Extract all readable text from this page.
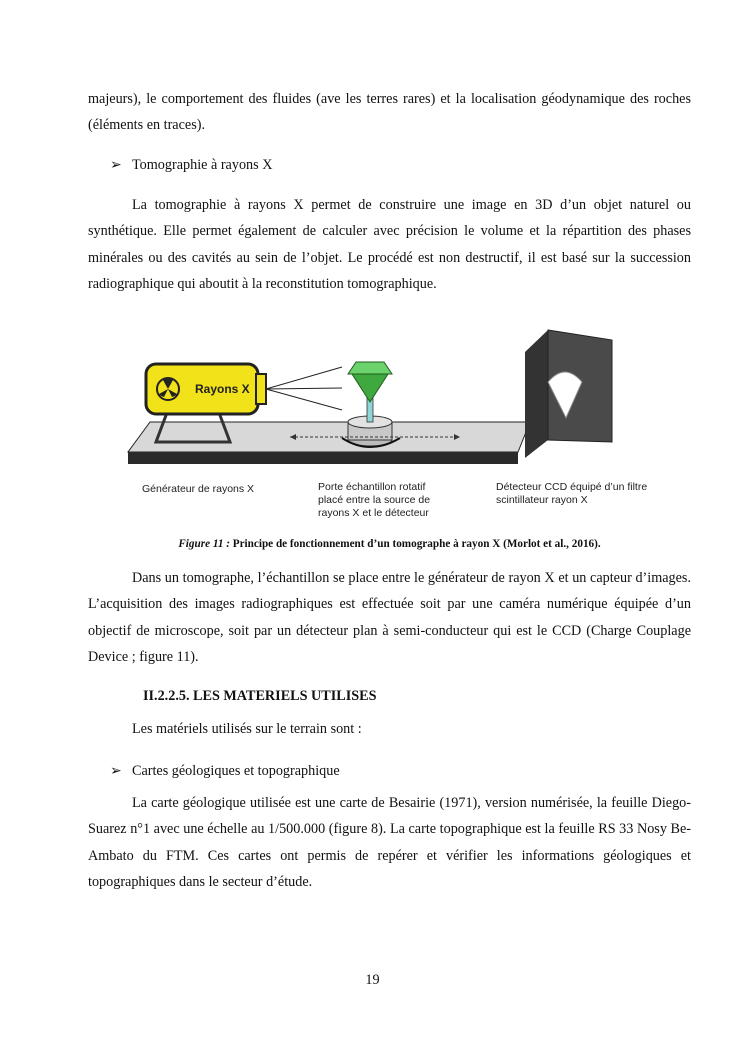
majeurs), le comportement des fluides (ave les terres rares) et la localisation géodynamique des roches (éléments en traces).

➢ Tomographie à rayons X

La tomographie à rayons X permet de construire une image en 3D d’un objet naturel ou synthétique. Elle permet également de calculer avec précision le volume et la répartition des phases minérales ou des cavités au sein de l’objet. Le procédé est non destructif, il est basé sur la succession radiographique qui aboutit à la reconstitution tomographique.

Rayons X
Générateur de rayons X	Porte échantillon rotatif
placé entre la source de
rayons X et le détecteur
Détecteur CCD équipé d’un filtre
scintillateur rayon X
Figure 11 : Principe de fonctionnement d’un tomographe à rayon X (Morlot et al., 2016).

Dans un tomographe, l’échantillon se place entre le générateur de rayon X et un capteur d’images. L’acquisition des images radiographiques est effectuée soit par une caméra numérique équipée d’un objectif de microscope, soit par un détecteur plan à semi-conducteur qui est le CCD (Charge Couplage Device ; figure 11).

II.2.2.5. LES MATERIELS UTILISES
Les matériels utilisés sur le terrain sont :
➢ Cartes géologiques et topographique

La carte géologique utilisée est une carte de Besairie (1971), version numérisée, la feuille Diego-Suarez n°1 avec une échelle au 1/500.000 (figure 8). La carte topographique est la feuille RS 33 Nosy Be-Ambato du FTM. Ces cartes ont permis de repérer et vérifier les informations géologiques et topographiques dans le secteur d’étude.

19
